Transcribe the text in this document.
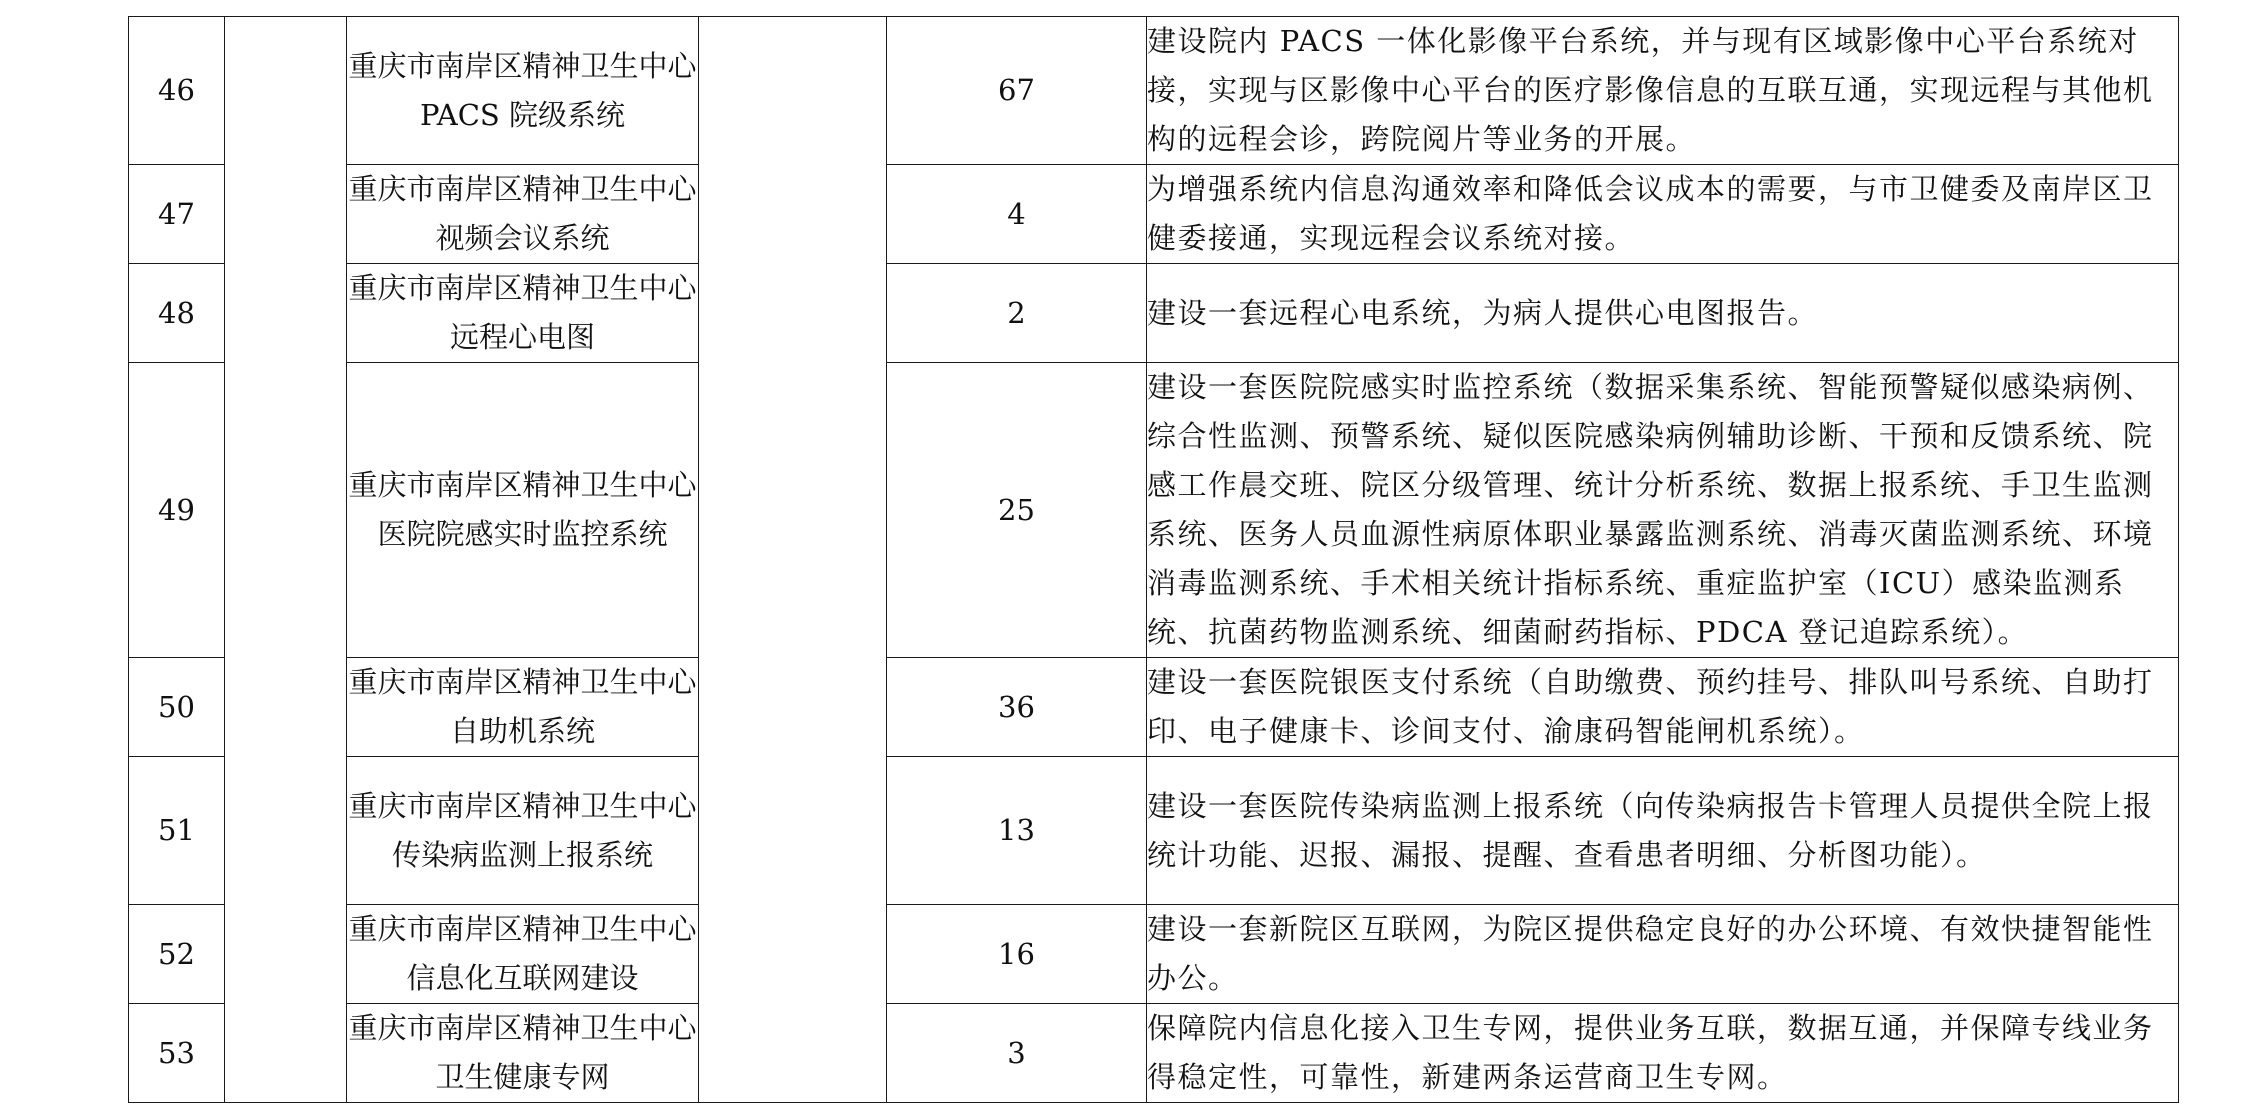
46		重庆市南岸区精神卫生中心 PACS 院级系统		67	建设院内 PACS 一体化影像平台系统，并与现有区域影像中心平台系统对接，实现与区影像中心平台的医疗影像信息的互联互通，实现远程与其他机构的远程会诊，跨院阅片等业务的开展。
47		重庆市南岸区精神卫生中心视频会议系统		4	为增强系统内信息沟通效率和降低会议成本的需要，与市卫健委及南岸区卫健委接通，实现远程会议系统对接。
48		重庆市南岸区精神卫生中心远程心电图		2	建设一套远程心电系统，为病人提供心电图报告。
49		重庆市南岸区精神卫生中心医院院感实时监控系统		25	建设一套医院院感实时监控系统（数据采集系统、智能预警疑似感染病例、综合性监测、预警系统、疑似医院感染病例辅助诊断、干预和反馈系统、院感工作晨交班、院区分级管理、统计分析系统、数据上报系统、手卫生监测系统、医务人员血源性病原体职业暴露监测系统、消毒灭菌监测系统、环境消毒监测系统、手术相关统计指标系统、重症监护室（ICU）感染监测系统、抗菌药物监测系统、细菌耐药指标、PDCA 登记追踪系统）。
50		重庆市南岸区精神卫生中心自助机系统		36	建设一套医院银医支付系统（自助缴费、预约挂号、排队叫号系统、自助打印、电子健康卡、诊间支付、渝康码智能闸机系统）。
51		重庆市南岸区精神卫生中心传染病监测上报系统		13	建设一套医院传染病监测上报系统（向传染病报告卡管理人员提供全院上报统计功能、迟报、漏报、提醒、查看患者明细、分析图功能）。
52		重庆市南岸区精神卫生中心信息化互联网建设		16	建设一套新院区互联网，为院区提供稳定良好的办公环境、有效快捷智能性办公。
53		重庆市南岸区精神卫生中心卫生健康专网		3	保障院内信息化接入卫生专网，提供业务互联，数据互通，并保障专线业务得稳定性，可靠性，新建两条运营商卫生专网。
